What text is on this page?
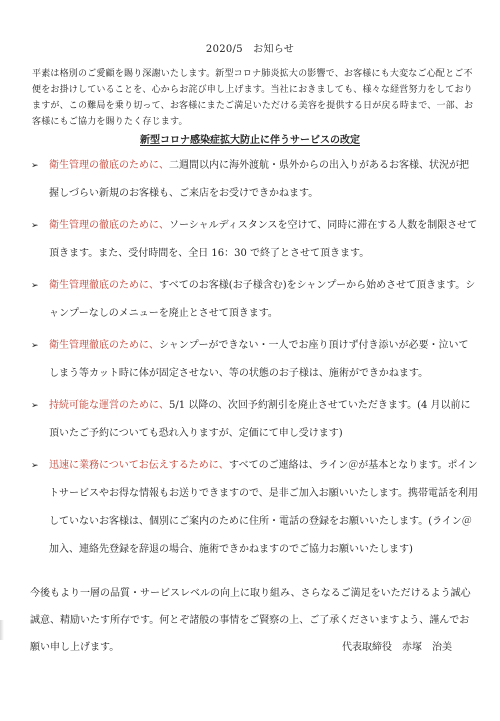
2020/5　お知らせ
平素は格別のご愛顧を賜り深謝いたします。新型コロナ肺炎拡大の影響で、お客様にも大変なご心配とご不便をお掛けしていることを、心からお詫び申し上げます。当社におきましても、様々な経営努力をしておりますが、この難局を乗り切って、お客様にまたご満足いただける美容を提供する日が戻る時まで、一部、お客様にもご協力を賜りたく存じます。
新型コロナ感染症拡大防止に伴うサービスの改定
➢ 衛生管理の徹底のために、二週間以内に海外渡航・県外からの出入りがあるお客様、状況が把握しづらい新規のお客様も、ご来店をお受けできかねます。
➢ 衛生管理の徹底のために、ソーシャルディスタンスを空けて、同時に滞在する人数を制限させて頂きます。また、受付時間を、全日 16：30 で終了とさせて頂きます。
➢ 衛生管理徹底のために、すべてのお客様(お子様含む)をシャンプーから始めさせて頂きます。シャンプーなしのメニューを廃止とさせて頂きます。
➢ 衛生管理徹底のために、シャンプーができない・一人でお座り頂けず付き添いが必要・泣いてしまう等カット時に体が固定させない、等の状態のお子様は、施術ができかねます。
➢ 持続可能な運営のために、5/1 以降の、次回予約割引を廃止させていただきます。(4 月以前に頂いたご予約についても恐れ入りますが、定価にて申し受けます)
➢ 迅速に業務についてお伝えするために、すべてのご連絡は、ライン＠が基本となります。ポイントサービスやお得な情報もお送りできますので、是非ご加入お願いいたします。携帯電話を利用していないお客様は、個別にご案内のために住所・電話の登録をお願いいたします。(ライン＠加入、連絡先登録を辞退の場合、施術できかねますのでご協力お願いいたします)
今後もより一層の品質・サービスレベルの向上に取り組み、さらなるご満足をいただけるよう誠心誠意、精励いたす所存です。何とぞ諸般の事情をご賢察の上、ご了承くださいますよう、謹んでお願い申し上げます。	代表取締役　赤塚　治美
